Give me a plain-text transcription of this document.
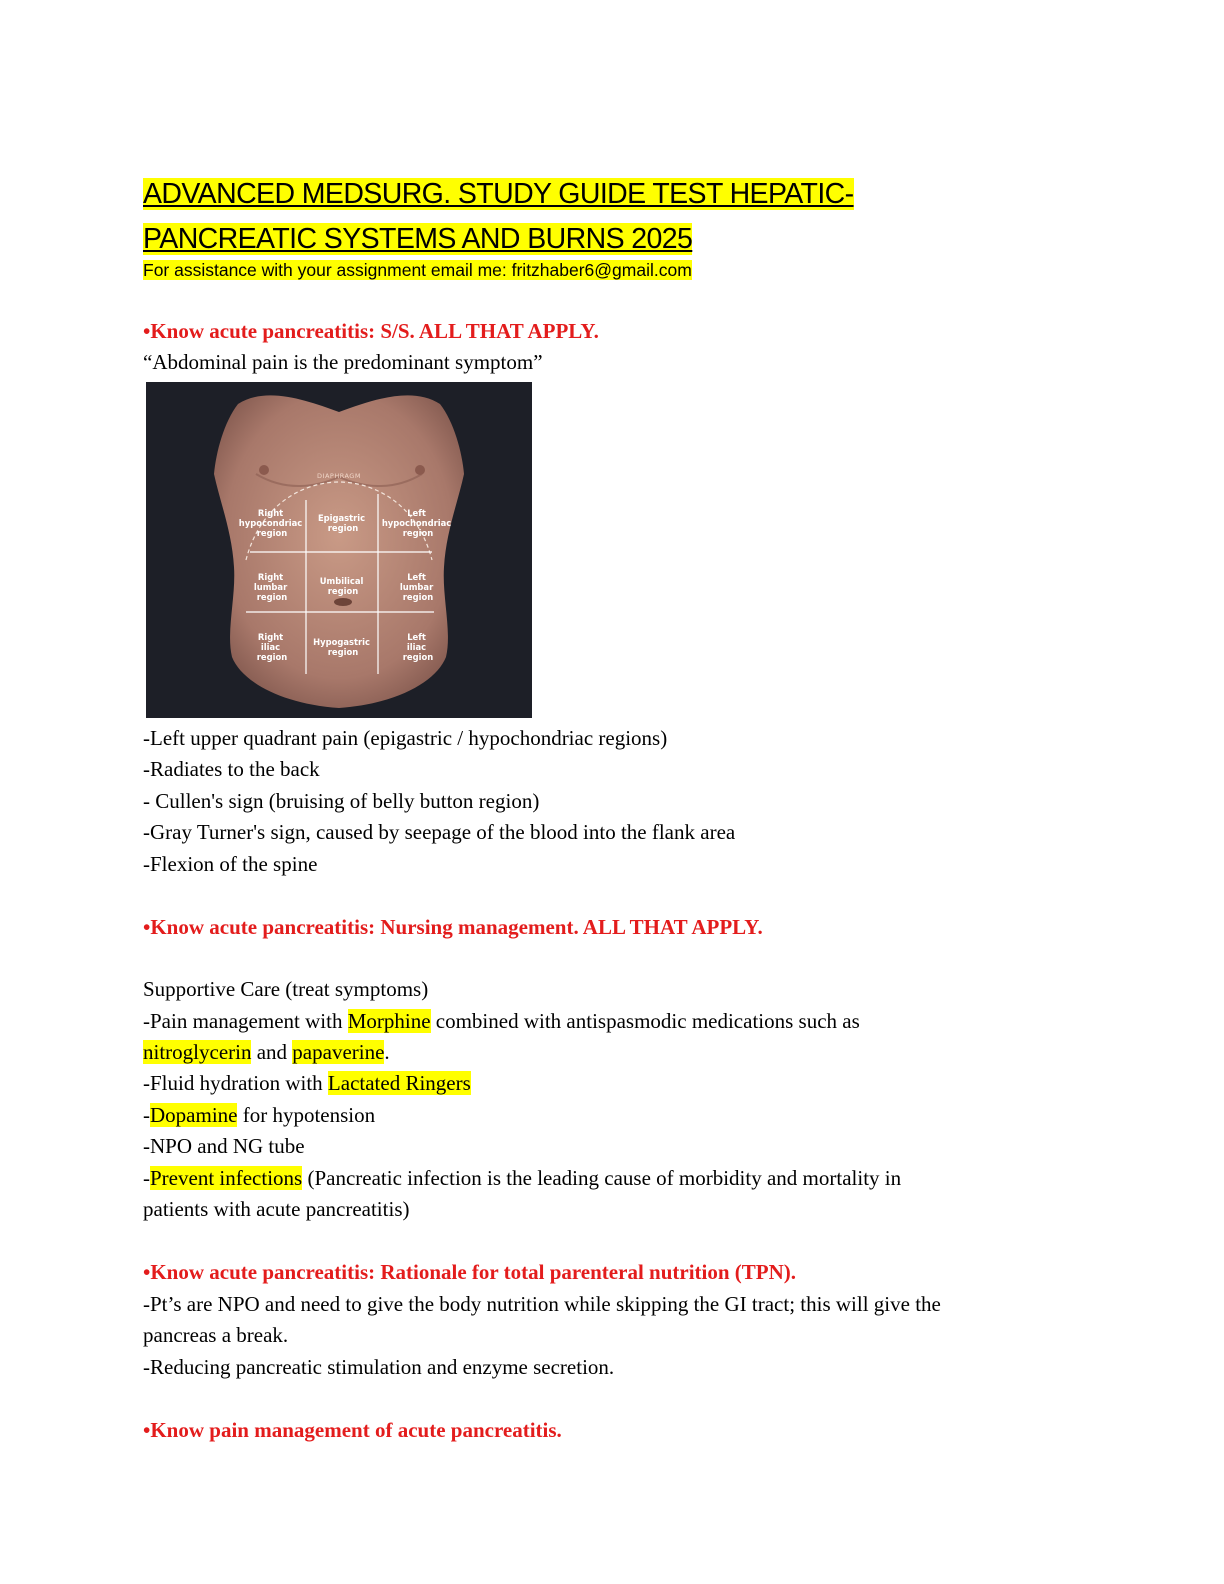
ADVANCED MEDSURG. STUDY GUIDE TEST HEPATIC-
PANCREATIC SYSTEMS AND BURNS 2025
For assistance with your assignment email me: fritzhaber6@gmail.com
•Know acute pancreatitis: S/S. ALL THAT APPLY.
“Abdominal pain is the predominant symptom”
DIAPHRAGM
Right hypocondriac region
Epigastric region
Left hypochondriac region
Right lumbar region
Umbilical region
Left lumbar region
Right iliac region
Hypogastric region
Left iliac region
-Left upper quadrant pain (epigastric / hypochondriac regions)
-Radiates to the back
- Cullen's sign (bruising of belly button region)
-Gray Turner's sign, caused by seepage of the blood into the flank area
-Flexion of the spine
•Know acute pancreatitis: Nursing management. ALL THAT APPLY.
Supportive Care (treat symptoms)
-Pain management with Morphine combined with antispasmodic medications such as
nitroglycerin and papaverine.
-Fluid hydration with Lactated Ringers
-Dopamine for hypotension
-NPO and NG tube
-Prevent infections (Pancreatic infection is the leading cause of morbidity and mortality in
patients with acute pancreatitis)
•Know acute pancreatitis: Rationale for total parenteral nutrition (TPN).
-Pt’s are NPO and need to give the body nutrition while skipping the GI tract; this will give the
pancreas a break.
-Reducing pancreatic stimulation and enzyme secretion.
•Know pain management of acute pancreatitis.
